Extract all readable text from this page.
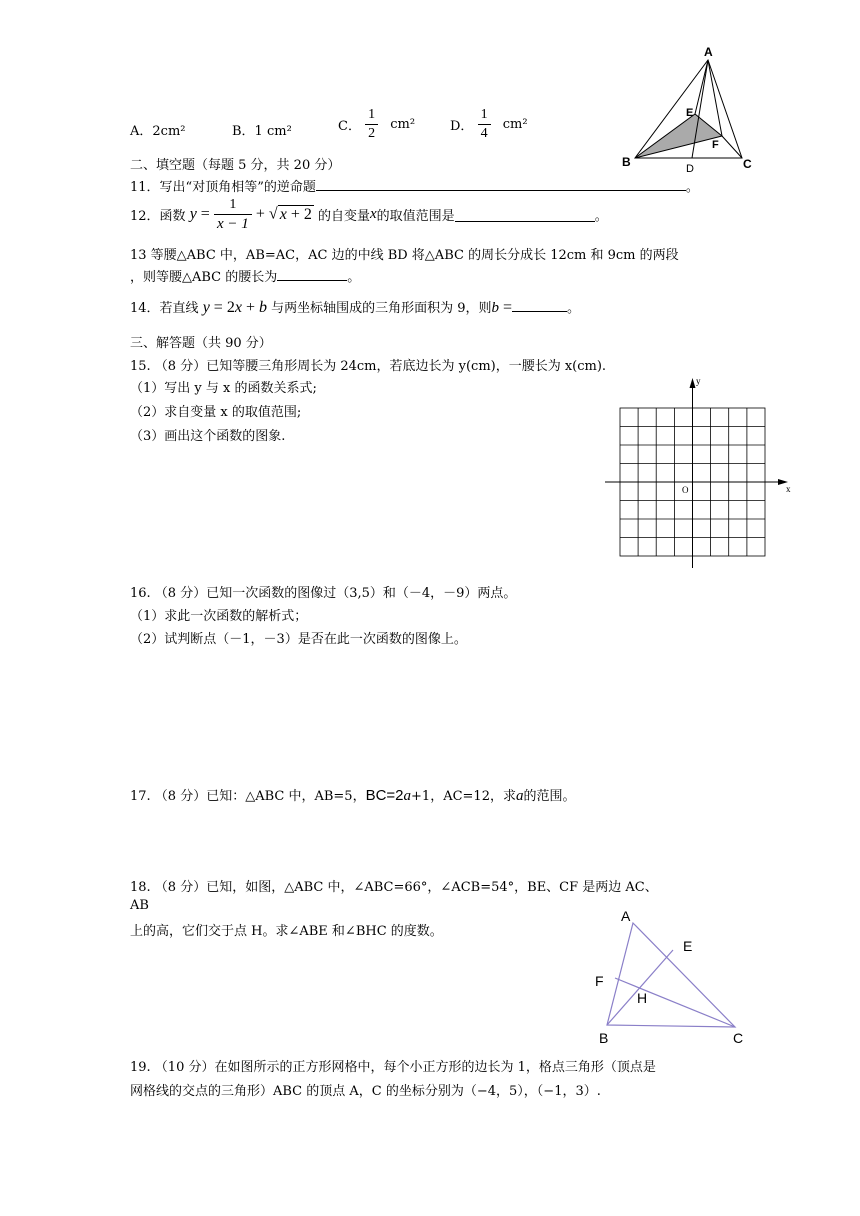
A．2cm²	B．1 cm²	C． $\frac{1}{2} cm^2$	D． $\frac{1}{4} cm^2$
A
E
F
B	D	C
二、填空题（每题 5 分，共 20 分）
11．写出“对顶角相等”的逆命题	。
12．函数 $y = \frac{1}{x - 1}$ + √ x + 2 的自变量x的取值范围是	。
13 等腰△ABC 中，AB=AC，AC 边的中线 BD 将△ABC 的周长分成长 12cm 和 9cm 的两段
，则等腰△ABC 的腰长为	。
14．若直线 y = 2x + b 与两坐标轴围成的三角形面积为 9，则b =	。
三、解答题（共 90 分）
15. （8 分）已知等腰三角形周长为 24cm，若底边长为 y(cm)，一腰长为 x(cm).
（1）写出 y 与 x 的函数关系式;
（2）求自变量 x 的取值范围;
（3）画出这个函数的图象.
y
x
O
16. （8 分）已知一次函数的图像过（3,5）和（－4，－9）两点。
（1）求此一次函数的解析式；
（2）试判断点（－1，－3）是否在此一次函数的图像上。
17. （8 分）已知：△ABC 中，AB=5，BC=2a+1，AC=12，求a的范围。
18. （8 分）已知，如图，△ABC 中，∠ABC=66°，∠ACB=54°，BE、CF 是两边 AC、
AB
上的高，它们交于点 H。求∠ABE 和∠BHC 的度数。
A
E
F
H
B	C
19. （10 分）在如图所示的正方形网格中，每个小正方形的边长为 1，格点三角形（顶点是
网格线的交点的三角形）ABC 的顶点 A，C 的坐标分别为（−4，5），（−1，3）.
